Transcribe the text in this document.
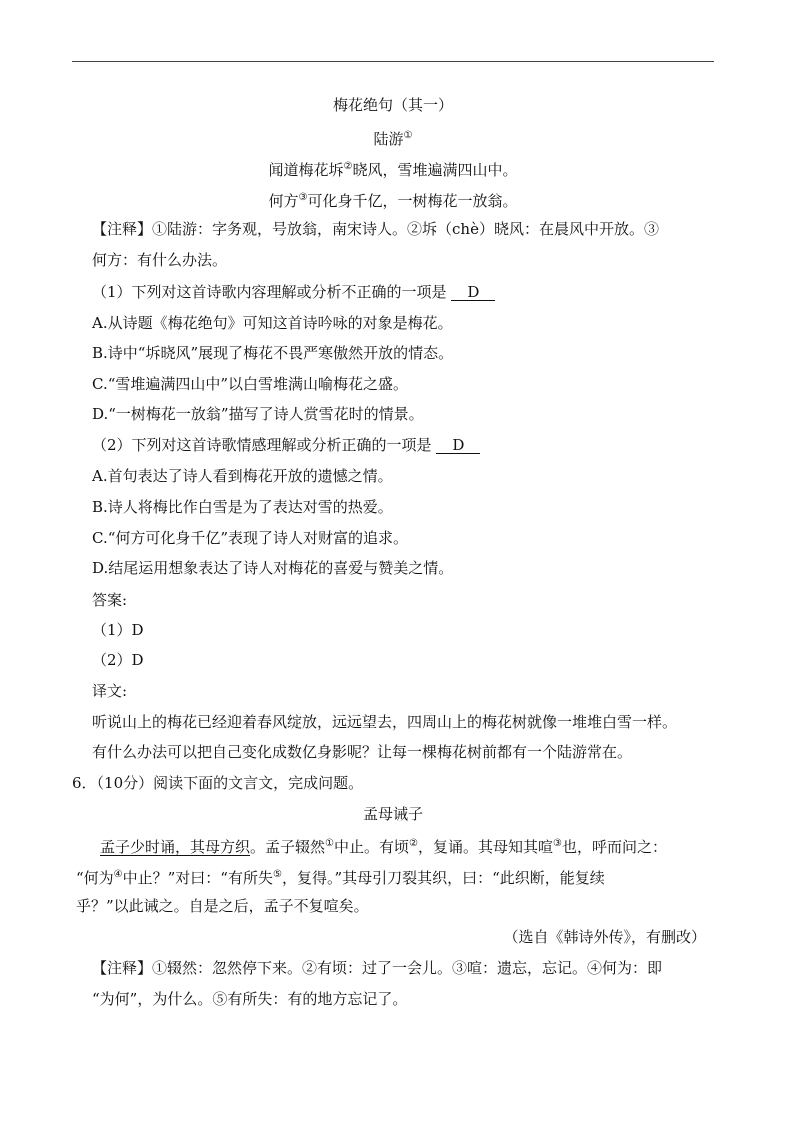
梅花绝句（其一）
陆游①
闻道梅花坼②晓风，雪堆遍满四山中。
何方③可化身千亿，一树梅花一放翁。
【注释】①陆游：字务观，号放翁，南宋诗人。②坼（chè）晓风：在晨风中开放。③
何方：有什么办法。
（1）下列对这首诗歌内容理解或分析不正确的一项是 D
A.从诗题《梅花绝句》可知这首诗吟咏的对象是梅花。
B.诗中“坼晓风”展现了梅花不畏严寒傲然开放的情态。
C.“雪堆遍满四山中”以白雪堆满山喻梅花之盛。
D.“一树梅花一放翁”描写了诗人赏雪花时的情景。
（2）下列对这首诗歌情感理解或分析正确的一项是 D
A.首句表达了诗人看到梅花开放的遗憾之情。
B.诗人将梅比作白雪是为了表达对雪的热爱。
C.“何方可化身千亿”表现了诗人对财富的追求。
D.结尾运用想象表达了诗人对梅花的喜爱与赞美之情。
答案:
（1）D
（2）D
译文:
听说山上的梅花已经迎着春风绽放，远远望去，四周山上的梅花树就像一堆堆白雪一样。
有什么办法可以把自己变化成数亿身影呢？让每一棵梅花树前都有一个陆游常在。
6．（10分）阅读下面的文言文，完成问题。
孟母诫子
孟子少时诵，其母方织。孟子辍然①中止。有顷②，复诵。其母知其喧③也，呼而问之：
“何为④中止？”对曰：“有所失⑤，复得。”其母引刀裂其织，曰：“此织断，能复续
乎？”以此诫之。自是之后，孟子不复喧矣。
（选自《韩诗外传》，有删改）
【注释】①辍然：忽然停下来。②有顷：过了一会儿。③喧：遗忘，忘记。④何为：即
“为何”，为什么。⑤有所失：有的地方忘记了。
